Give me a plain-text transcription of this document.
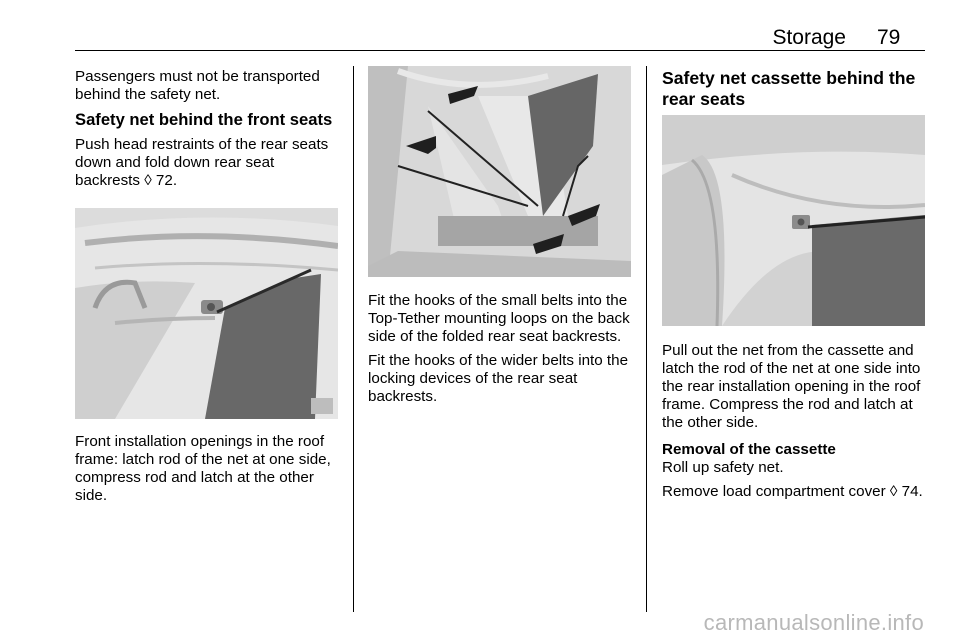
Storage 79

Passengers must not be transported behind the safety net.

Safety net behind the front seats

Push head restraints of the rear seats down and fold down rear seat backrests ◊ 72.

Front installation openings in the roof frame: latch rod of the net at one side, compress rod and latch at the other side.

Fit the hooks of the small belts into the Top-Tether mounting loops on the back side of the folded rear seat backrests.

Fit the hooks of the wider belts into the locking devices of the rear seat backrests.

Safety net cassette behind the rear seats

Pull out the net from the cassette and latch the rod of the net at one side into the rear installation opening in the roof frame. Compress the rod and latch at the other side.

Removal of the cassette

Roll up safety net.

Remove load compartment cover ◊ 74.

carmanualsonline.info
